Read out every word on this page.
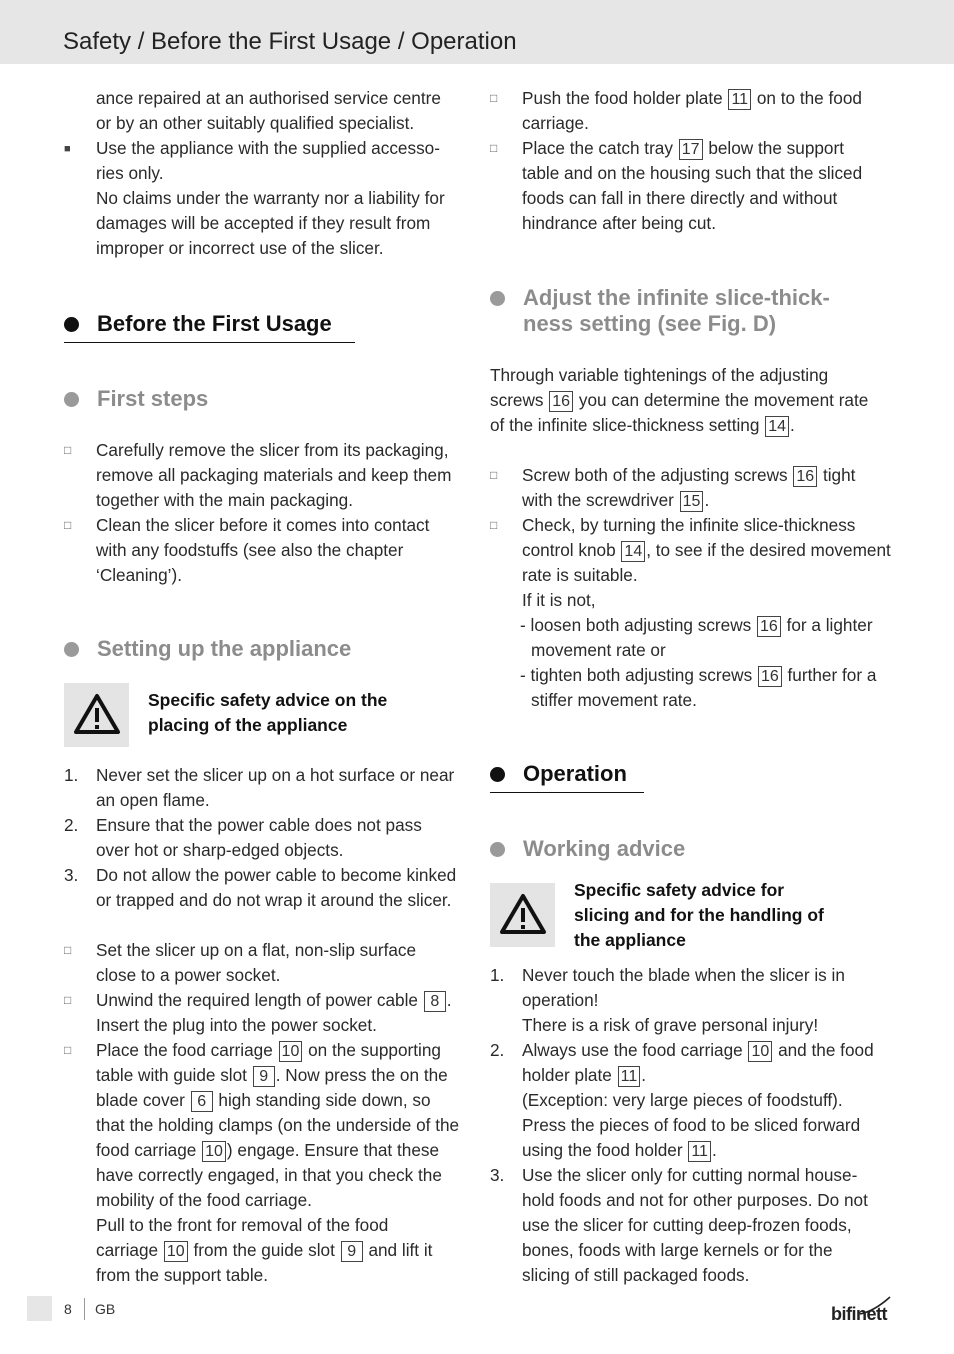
Safety / Before the First Usage / Operation
ance repaired at an authorised service centre
or by an other suitably qualified specialist.
■ Use the appliance with the supplied accesso-
ries only.
No claims under the warranty nor a liability for
damages will be accepted if they result from
improper or incorrect use of the slicer.
Before the First Usage
First steps
□ Carefully remove the slicer from its packaging,
remove all packaging materials and keep them
together with the main packaging.
□ Clean the slicer before it comes into contact
with any foodstuffs (see also the chapter
‘Cleaning’).
Setting up the appliance
Specific safety advice on the
placing of the appliance
1. Never set the slicer up on a hot surface or near
an open flame.
2. Ensure that the power cable does not pass
over hot or sharp-edged objects.
3. Do not allow the power cable to become kinked
or trapped and do not wrap it around the slicer.
□ Set the slicer up on a flat, non-slip surface
close to a power socket.
□ Unwind the required length of power cable 8 .
Insert the plug into the power socket.
□ Place the food carriage 10 on the supporting
table with guide slot 9 . Now press the on the
blade cover 6 high standing side down, so
that the holding clamps (on the underside of the
food carriage 10 ) engage. Ensure that these
have correctly engaged, in that you check the
mobility of the food carriage.
Pull to the front for removal of the food
carriage 10 from the guide slot 9 and lift it
from the support table.
□ Push the food holder plate 11 on to the food
carriage.
□ Place the catch tray 17 below the support
table and on the housing such that the sliced
foods can fall in there directly and without
hindrance after being cut.
Adjust the infinite slice-thick-
ness setting (see Fig. D)
Through variable tightenings of the adjusting
screws 16 you can determine the movement rate
of the infinite slice-thickness setting 14 .
□ Screw both of the adjusting screws 16 tight
with the screwdriver 15 .
□ Check, by turning the infinite slice-thickness
control knob 14 , to see if the desired movement
rate is suitable.
If it is not,
- loosen both adjusting screws 16 for a lighter
movement rate or
- tighten both adjusting screws 16 further for a
stiffer movement rate.
Operation
Working advice
Specific safety advice for
slicing and for the handling of
the appliance
1. Never touch the blade when the slicer is in
operation!
There is a risk of grave personal injury!
2. Always use the food carriage 10 and the food
holder plate 11 .
(Exception: very large pieces of foodstuff).
Press the pieces of food to be sliced forward
using the food holder 11 .
3. Use the slicer only for cutting normal house-
hold foods and not for other purposes. Do not
use the slicer for cutting deep-frozen foods,
bones, foods with large kernels or for the
slicing of still packaged foods.
8 GB	bifinett
